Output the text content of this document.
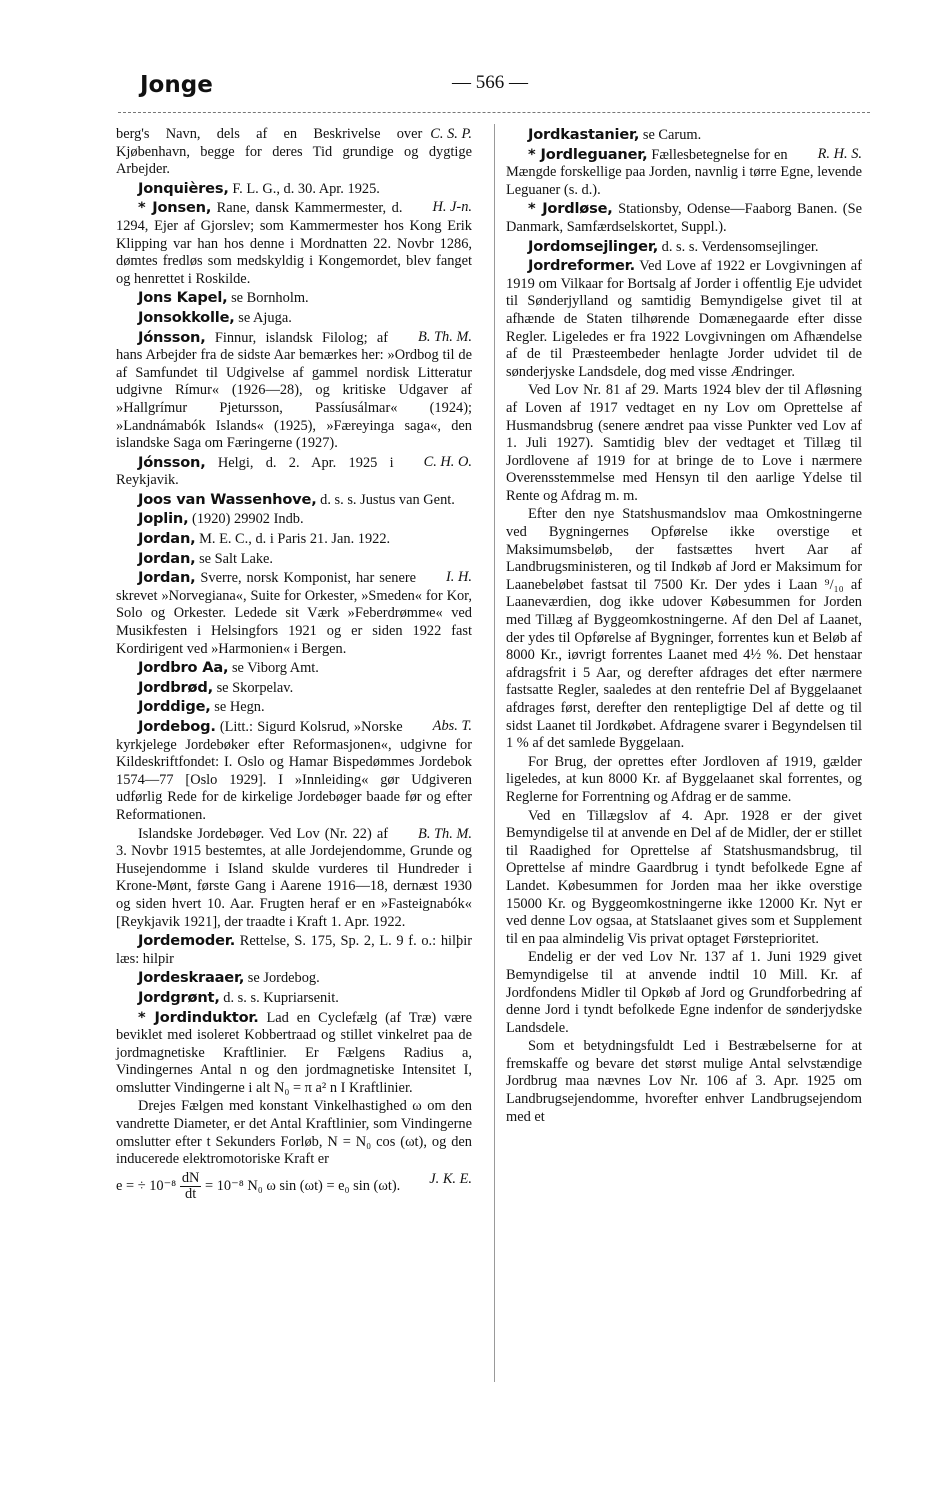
Jonge	— 566 —

C. S. P.
berg's Navn, dels af en Beskrivelse over Kjøbenhavn, begge for deres Tid grundige og dygtige Arbejder.

Jonquières, F. L. G., d. 30. Apr. 1925.

* Jonsen,	H. J-n.
Rane, dansk Kammermester, d. 1294, Ejer af Gjorslev; som Kammermester hos Kong Erik Klipping var han hos denne i Mordnatten 22. Novbr 1286, dømtes fredløs som medskyldig i Kongemordet, blev fanget og henrettet i Roskilde.

Jons Kapel, se Bornholm.

Jonsokkolle, se Ajuga.

Jónsson,	B. Th. M.
Finnur, islandsk Filolog; af hans Arbejder fra de sidste Aar bemærkes her: »Ordbog til de af Samfundet til Udgivelse af gammel nordisk Litteratur udgivne Rímur« (1926—28), og kritiske Udgaver af »Hallgrímur Pjetursson, Passíusálmar« (1924); »Landnámabók Islands« (1925), »Færeyinga saga«, den islandske Saga om Færingerne (1927).

Jónsson,	C. H. O.
Helgi, d. 2. Apr. 1925 i Reykjavik.

Joos van Wassenhove, d. s. s. Justus van Gent.

Joplin, (1920) 29902 Indb.

Jordan, M. E. C., d. i Paris 21. Jan. 1922.

Jordan, se Salt Lake.

Jordan,	I. H.
Sverre, norsk Komponist, har senere skrevet »Norvegiana«, Suite for Orkester, »Smeden« for Kor, Solo og Orkester. Ledede sit Værk »Feberdrømme« ved Musikfesten i Helsingfors 1921 og er siden 1922 fast Kordirigent ved »Harmonien« i Bergen.

Jordbro Aa, se Viborg Amt.

Jordbrød, se Skorpelav.

Jorddige, se Hegn.

Jordebog.	Abs. T.
(Litt.: Sigurd Kolsrud, »Norske kyrkjelege Jordebøker efter Reformasjonen«, udgivne for Kildeskriftfondet: I. Oslo og Hamar Bispedømmes Jordebok 1574—77 [Oslo 1929]. I »Innleiding« gør Udgiveren udførlig Rede for de kirkelige Jordebøger baade før og efter Reformationen.

B. Th. M.
Islandske Jordebøger. Ved Lov (Nr. 22) af 3. Novbr 1915 bestemtes, at alle Jordejendomme, Grunde og Husejendomme i Island skulde vurderes til Hundreder i Krone-Mønt, første Gang i Aarene 1916—18, dernæst 1930 og siden hvert 10. Aar. Frugten heraf er en »Fasteignabók« [Reykjavik 1921], der traadte i Kraft 1. Apr. 1922.

Jordemoder. Rettelse, S. 175, Sp. 2, L. 9 f. o.: hilþir læs: hilpir

Jordeskraaer, se Jordebog.

Jordgrønt, d. s. s. Kupriarsenit.

* Jordinduktor. Lad en Cyclefælg (af Træ) være beviklet med isoleret Kobbertraad og stillet vinkelret paa de jordmagnetiske Kraftlinier. Er Fælgens Radius a, Vindingernes Antal n og den jordmagnetiske Intensitet I, omslutter Vindingerne i alt N₀ = π a² n I Kraftlinier.

Drejes Fælgen med konstant Vinkelhastighed ω om den vandrette Diameter, er det Antal Kraftlinier, som Vindingerne omslutter efter t Sekunders Forløb, N = N₀ cos (ωt), og den inducerede elektromotoriske Kraft er

J. K. E.
e = ÷ $10^{-8} \frac{dN}{dt} = 10^{-8}$ N₀ ω sin (ωt) = e₀ sin (ωt).

Jordkastanier, se Carum.

* Jordleguaner,	R. H. S.
Fællesbetegnelse for en Mængde forskellige paa Jorden, navnlig i tørre Egne, levende Leguaner (s. d.).

* Jordløse, Stationsby, Odense—Faaborg Banen. (Se Danmark, Samfærdselskortet, Suppl.).

Jordomsejlinger, d. s. s. Verdensomsejlinger.

Jordreformer. Ved Love af 1922 er Lovgivningen af 1919 om Vilkaar for Bortsalg af Jorder i offentlig Eje udvidet til Sønderjylland og samtidig Bemyndigelse givet til at afhænde de Staten tilhørende Domænegaarde efter disse Regler. Ligeledes er fra 1922 Lovgivningen om Afhændelse af de til Præsteembeder henlagte Jorder udvidet til de sønderjyske Landsdele, dog med visse Ændringer.

Ved Lov Nr. 81 af 29. Marts 1924 blev der til Afløsning af Loven af 1917 vedtaget en ny Lov om Oprettelse af Husmandsbrug (senere ændret paa visse Punkter ved Lov af 1. Juli 1927). Samtidig blev der vedtaget et Tillæg til Jordlovene af 1919 for at bringe de to Love i nærmere Overensstemmelse med Hensyn til den aarlige Ydelse til Rente og Afdrag m. m.

Efter den nye Statshusmandslov maa Omkostningerne ved Bygningernes Opførelse ikke overstige et Maksimumsbeløb, der fastsættes hvert Aar af Landbrugsministeren, og til Indkøb af Jord er Maksimum for Laanebeløbet fastsat til 7500 Kr. Der ydes i Laan ⁹/₁₀ af Laaneværdien, dog ikke udover Købesummen for Jorden med Tillæg af Byggeomkostningerne. Af den Del af Laanet, der ydes til Opførelse af Bygninger, forrentes kun et Beløb af 8000 Kr., iøvrigt forrentes Laanet med 4½ %. Det henstaar afdragsfrit i 5 Aar, og derefter afdrages det efter nærmere fastsatte Regler, saaledes at den rentefrie Del af Byggelaanet afdrages først, derefter den rentepligtige Del af dette og til sidst Laanet til Jordkøbet. Afdragene svarer i Begyndelsen til 1 % af det samlede Byggelaan.

For Brug, der oprettes efter Jordloven af 1919, gælder ligeledes, at kun 8000 Kr. af Byggelaanet skal forrentes, og Reglerne for Forrentning og Afdrag er de samme.

Ved en Tillægslov af 4. Apr. 1928 er der givet Bemyndigelse til at anvende en Del af de Midler, der er stillet til Raadighed for Oprettelse af Statshusmandsbrug, til Oprettelse af mindre Gaardbrug i tyndt befolkede Egne af Landet. Købesummen for Jorden maa her ikke overstige 15000 Kr. og Byggeomkostningerne ikke 12000 Kr. Nyt er ved denne Lov ogsaa, at Statslaanet gives som et Supplement til en paa almindelig Vis privat optaget Førsteprioritet.

Endelig er der ved Lov Nr. 137 af 1. Juni 1929 givet Bemyndigelse til at anvende indtil 10 Mill. Kr. af Jordfondens Midler til Opkøb af Jord og Grundforbedring af denne Jord i tyndt befolkede Egne indenfor de sønderjydske Landsdele.

Som et betydningsfuldt Led i Bestræbelserne for at fremskaffe og bevare det størst mulige Antal selvstændige Jordbrug maa nævnes Lov Nr. 106 af 3. Apr. 1925 om Landbrugsejendomme, hvorefter enhver Landbrugsejendom med et
